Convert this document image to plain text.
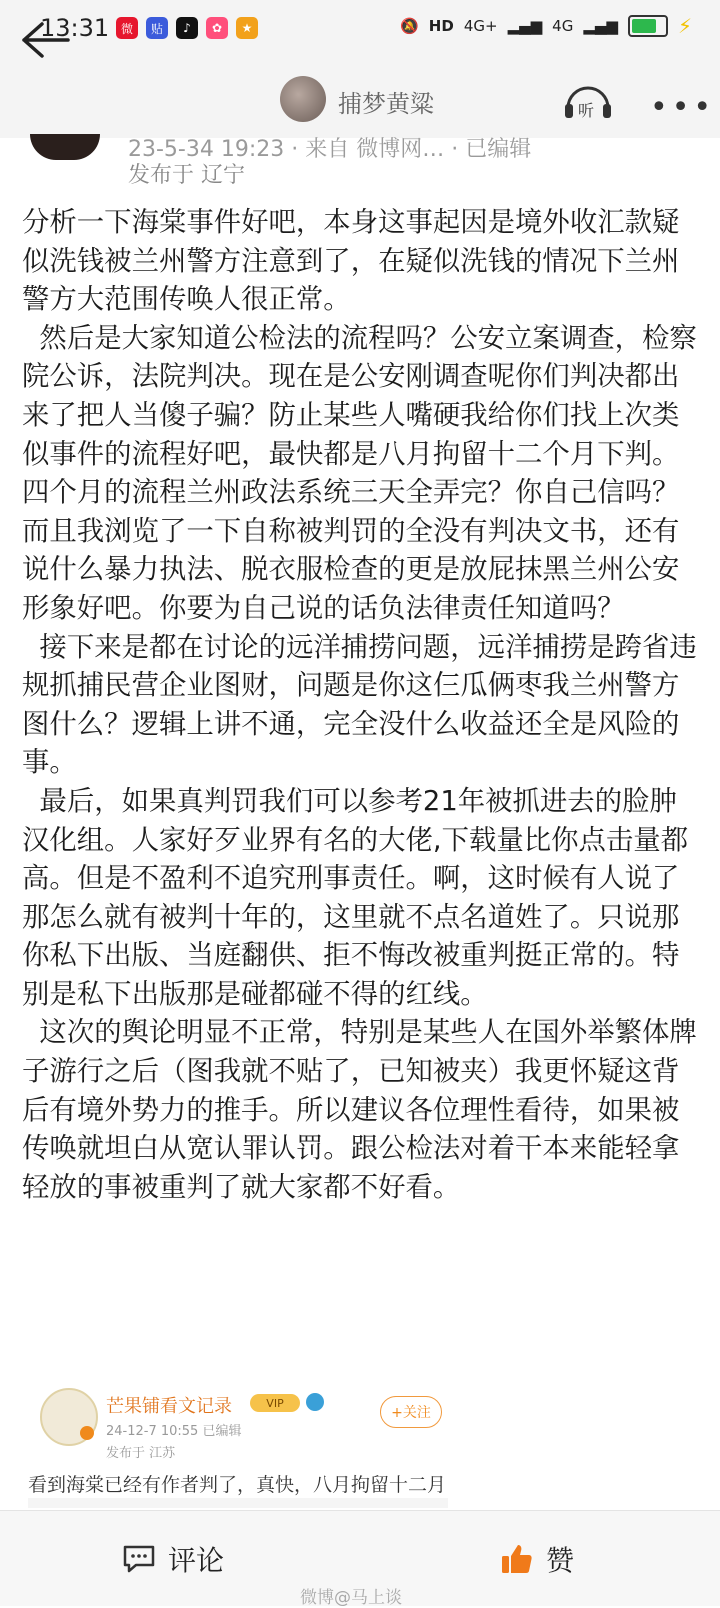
13:31 微	贴	♪	✿	★	🔕 HD 4G+ ▂▄▆ 4G ▂▄▆	⚡
捕梦黄粱	听 •••
23-5-34 19:23 · 来自 微博网… · 已编辑
发布于 辽宁

分析一下海棠事件好吧，本身这事起因是境外收汇款疑似洗钱被兰州警方注意到了，在疑似洗钱的情况下兰州警方大范围传唤人很正常。

然后是大家知道公检法的流程吗？公安立案调查，检察院公诉，法院判决。现在是公安刚调查呢你们判决都出来了把人当傻子骗？防止某些人嘴硬我给你们找上次类似事件的流程好吧，最快都是八月拘留十二个月下判。四个月的流程兰州政法系统三天全弄完？你自己信吗？而且我浏览了一下自称被判罚的全没有判决文书，还有说什么暴力执法、脱衣服检查的更是放屁抹黑兰州公安形象好吧。你要为自己说的话负法律责任知道吗？

接下来是都在讨论的远洋捕捞问题，远洋捕捞是跨省违规抓捕民营企业图财，问题是你这仨瓜俩枣我兰州警方图什么？逻辑上讲不通，完全没什么收益还全是风险的事。

最后，如果真判罚我们可以参考21年被抓进去的脸肿汉化组。人家好歹业界有名的大佬,下载量比你点击量都高。但是不盈利不追究刑事责任。啊，这时候有人说了那怎么就有被判十年的，这里就不点名道姓了。只说那你私下出版、当庭翻供、拒不悔改被重判挺正常的。特别是私下出版那是碰都碰不得的红线。

这次的舆论明显不正常，特别是某些人在国外举繁体牌子游行之后（图我就不贴了，已知被夹）我更怀疑这背后有境外势力的推手。所以建议各位理性看待，如果被传唤就坦白从宽认罪认罚。跟公检法对着干本来能轻拿轻放的事被重判了就大家都不好看。

芒果铺看文记录	VIP
24-12-7 10:55 已编辑
发布于 江苏
+关注
看到海棠已经有作者判了，真快，八月拘留十二月
评论	赞
微博@马上谈
